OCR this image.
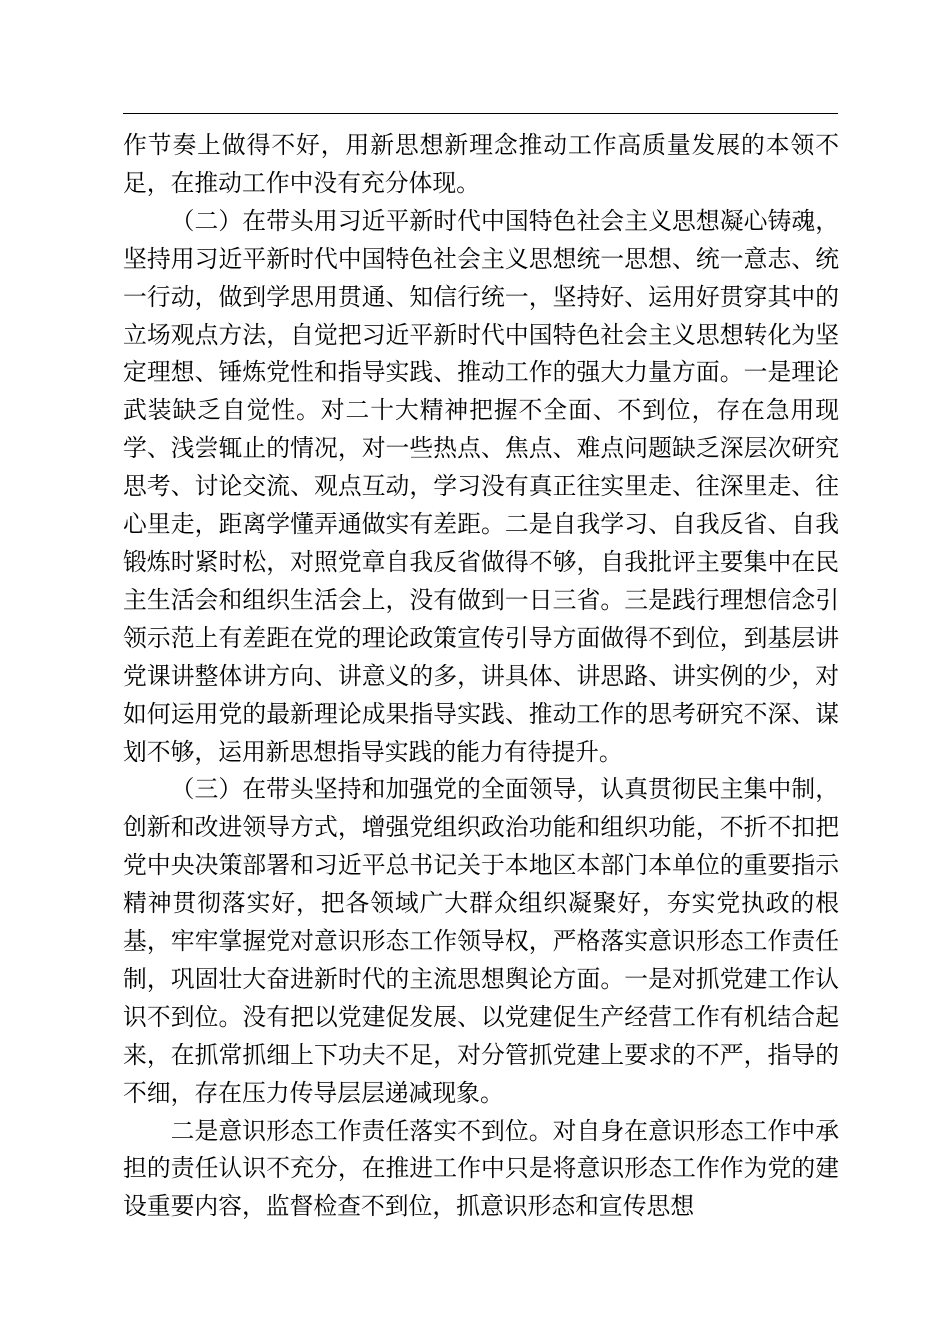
作节奏上做得不好，用新思想新理念推动工作高质量发展的本领不足，在推动工作中没有充分体现。

（二）在带头用习近平新时代中国特色社会主义思想凝心铸魂，坚持用习近平新时代中国特色社会主义思想统一思想、统一意志、统一行动，做到学思用贯通、知信行统一，坚持好、运用好贯穿其中的立场观点方法，自觉把习近平新时代中国特色社会主义思想转化为坚定理想、锤炼党性和指导实践、推动工作的强大力量方面。一是理论武装缺乏自觉性。对二十大精神把握不全面、不到位，存在急用现学、浅尝辄止的情况，对一些热点、焦点、难点问题缺乏深层次研究思考、讨论交流、观点互动，学习没有真正往实里走、往深里走、往心里走，距离学懂弄通做实有差距。二是自我学习、自我反省、自我锻炼时紧时松，对照党章自我反省做得不够，自我批评主要集中在民主生活会和组织生活会上，没有做到一日三省。三是践行理想信念引领示范上有差距在党的理论政策宣传引导方面做得不到位，到基层讲党课讲整体讲方向、讲意义的多，讲具体、讲思路、讲实例的少，对如何运用党的最新理论成果指导实践、推动工作的思考研究不深、谋划不够，运用新思想指导实践的能力有待提升。

（三）在带头坚持和加强党的全面领导，认真贯彻民主集中制，创新和改进领导方式，增强党组织政治功能和组织功能，不折不扣把党中央决策部署和习近平总书记关于本地区本部门本单位的重要指示精神贯彻落实好，把各领域广大群众组织凝聚好，夯实党执政的根基，牢牢掌握党对意识形态工作领导权，严格落实意识形态工作责任制，巩固壮大奋进新时代的主流思想舆论方面。一是对抓党建工作认识不到位。没有把以党建促发展、以党建促生产经营工作有机结合起来，在抓常抓细上下功夫不足，对分管抓党建上要求的不严，指导的不细，存在压力传导层层递减现象。

二是意识形态工作责任落实不到位。对自身在意识形态工作中承担的责任认识不充分，在推进工作中只是将意识形态工作作为党的建设重要内容，监督检查不到位，抓意识形态和宣传思想
